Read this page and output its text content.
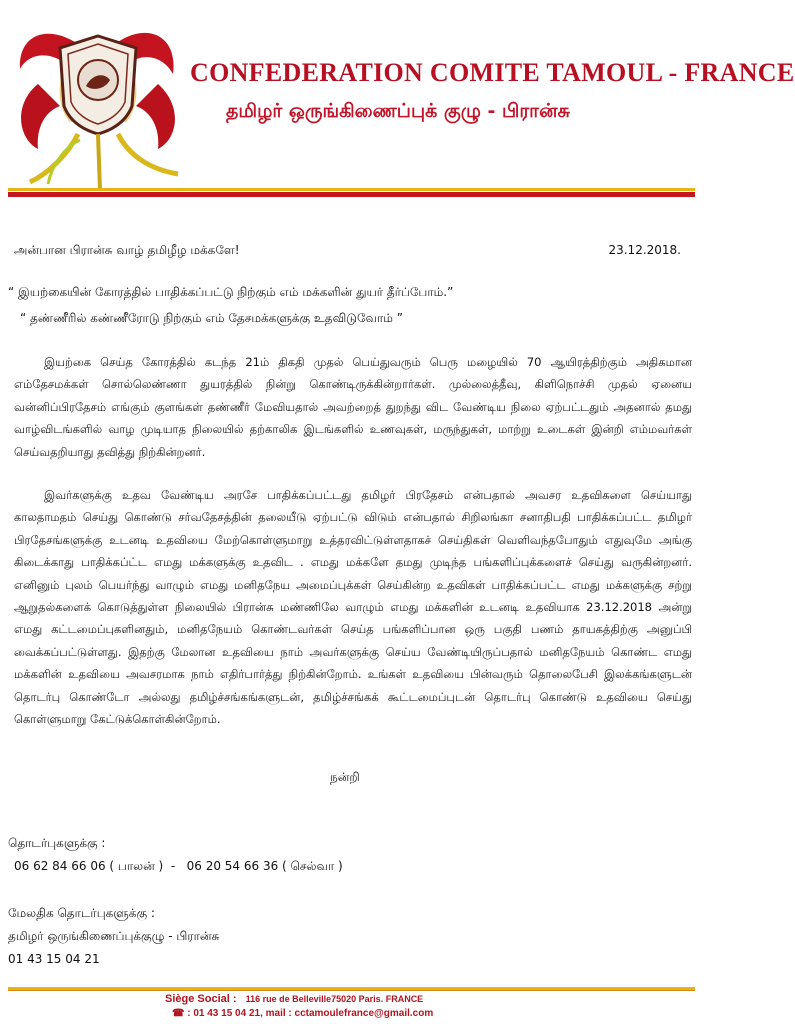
CONFEDERATION COMITE TAMOUL - FRANCE
தமிழர் ஒருங்கிணைப்புக் குழு - பிரான்சு
அன்பான பிரான்சு வாழ் தமிழீழ மக்களே!	23.12.2018.
“ இயற்கையின் கோரத்தில் பாதிக்கப்பட்டு நிற்கும் எம் மக்களின் துயர் தீர்ப்போம்.”
“ தண்ணீரில் கண்ணீரோடு நிற்கும் எம் தேசமக்களுக்கு உதவிடுவோம் ”

இயற்கை செய்த கோரத்தில் கடந்த 21ம் திகதி முதல் பெய்துவரும் பெரு மழையில் 70 ஆயிரத்திற்கும் அதிகமான எம்தேசமக்கள் சொல்லெண்ணா துயரத்தில் நின்று கொண்டிருக்கின்றார்கள். முல்லைத்தீவு, கிளிநொச்சி முதல் ஏனைய வன்னிப்பிரதேசம் எங்கும் குளங்கள் தண்ணீர் மேவியதால் அவற்றைத் துறந்து விட வேண்டிய நிலை ஏற்பட்டதும் அதனால் தமது வாழ்விடங்களில் வாழ முடியாத நிலையில் தற்காலிக இடங்களில் உணவுகள், மருந்துகள், மாற்று உடைகள் இன்றி எம்மவர்கள் செய்வதறியாது தவித்து நிற்கின்றனர்.

இவர்களுக்கு உதவ வேண்டிய அரசே பாதிக்கப்பட்டது தமிழர் பிரதேசம் என்பதால் அவசர உதவிகளை செய்யாது காலதாமதம் செய்து கொண்டு சர்வதேசத்தின் தலையீடு ஏற்பட்டு விடும் என்பதால் சிறிலங்கா சனாதிபதி பாதிக்கப்பட்ட தமிழர் பிரதேசங்களுக்கு உடனடி உதவியை மேற்கொள்ளுமாறு உத்தரவிட்டுள்ளதாகச் செய்திகள் வெளிவந்தபோதும் எதுவுமே அங்கு கிடைக்காது பாதிக்கப்ட்ட எமது மக்களுக்கு உதவிட . எமது மக்களே தமது முடிந்த பங்களிப்புக்களைச் செய்து வருகின்றனர். எனினும் புலம் பெயர்ந்து வாழும் எமது மனிதநேய அமைப்புக்கள் செய்கின்ற உதவிகள் பாதிக்கப்பட்ட எமது மக்களுக்கு சற்று ஆறுதல்களைக் கொடுத்துள்ள நிலையில் பிரான்சு மண்ணிலே வாழும் எமது மக்களின் உடனடி உதவியாக 23.12.2018 அன்று எமது கட்டமைப்புகளினதும், மனிதநேயம் கொண்டவர்கள் செய்த பங்களிப்பான ஒரு பகுதி பணம் தாயகத்திற்கு அனுப்பி வைக்கப்பட்டுள்ளது. இதற்கு மேலான உதவியை நாம் அவர்களுக்கு செய்ய வேண்டியிருப்பதால் மனிதநேயம் கொண்ட எமது மக்களின் உதவியை அவசரமாக நாம் எதிர்பார்த்து நிற்கின்றோம். உங்கள் உதவியை பின்வரும் தொலைபேசி இலக்கங்களுடன் தொடர்பு கொண்டோ அல்லது தமிழ்ச்சங்கங்களுடன், தமிழ்ச்சங்கக் கூட்டமைப்புடன் தொடர்பு கொண்டு உதவியை செய்து கொள்ளுமாறு கேட்டுக்கொள்கின்றோம்.

நன்றி
தொடர்புகளுக்கு :
06 62 84 66 06 ( பாலன் )  -   06 20 54 66 36 ( செல்வா )
மேலதிக தொடர்புகளுக்கு :
தமிழர் ஒருங்கிணைப்புக்குழு - பிரான்சு
01 43 15 04 21
Siège Social : 116 rue de Belleville75020 Paris. FRANCE
☎ : 01 43 15 04 21, mail : cctamoulefrance@gmail.com
